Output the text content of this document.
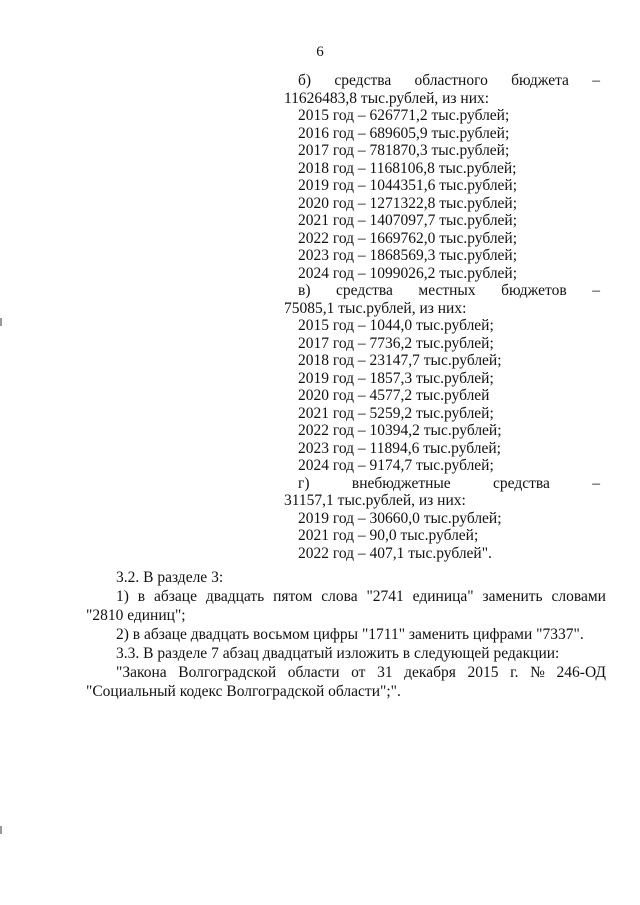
6
б) средства областного бюджета –
11626483,8 тыс.рублей, из них:
2015 год – 626771,2 тыс.рублей;
2016 год – 689605,9 тыс.рублей;
2017 год – 781870,3 тыс.рублей;
2018 год – 1168106,8 тыс.рублей;
2019 год – 1044351,6 тыс.рублей;
2020 год – 1271322,8 тыс.рублей;
2021 год – 1407097,7 тыс.рублей;
2022 год – 1669762,0 тыс.рублей;
2023 год – 1868569,3 тыс.рублей;
2024 год – 1099026,2 тыс.рублей;
в) средства местных бюджетов –
75085,1 тыс.рублей, из них:
2015 год – 1044,0 тыс.рублей;
2017 год – 7736,2 тыс.рублей;
2018 год – 23147,7 тыс.рублей;
2019 год – 1857,3 тыс.рублей;
2020 год – 4577,2 тыс.рублей
2021 год – 5259,2 тыс.рублей;
2022 год – 10394,2 тыс.рублей;
2023 год – 11894,6 тыс.рублей;
2024 год – 9174,7 тыс.рублей;
г)	внебюджетные	средства	–
31157,1 тыс.рублей, из них:
2019 год – 30660,0 тыс.рублей;
2021 год – 90,0 тыс.рублей;
2022 год – 407,1 тыс.рублей".
3.2. В разделе 3:
1) в абзаце двадцать пятом слова "2741 единица" заменить словами
"2810 единиц";
2) в абзаце двадцать восьмом цифры "1711" заменить цифрами "7337".
3.3. В разделе 7 абзац двадцатый изложить в следующей редакции:
"Закона Волгоградской области от 31 декабря 2015 г. № 246-ОД
"Социальный кодекс Волгоградской области";".
